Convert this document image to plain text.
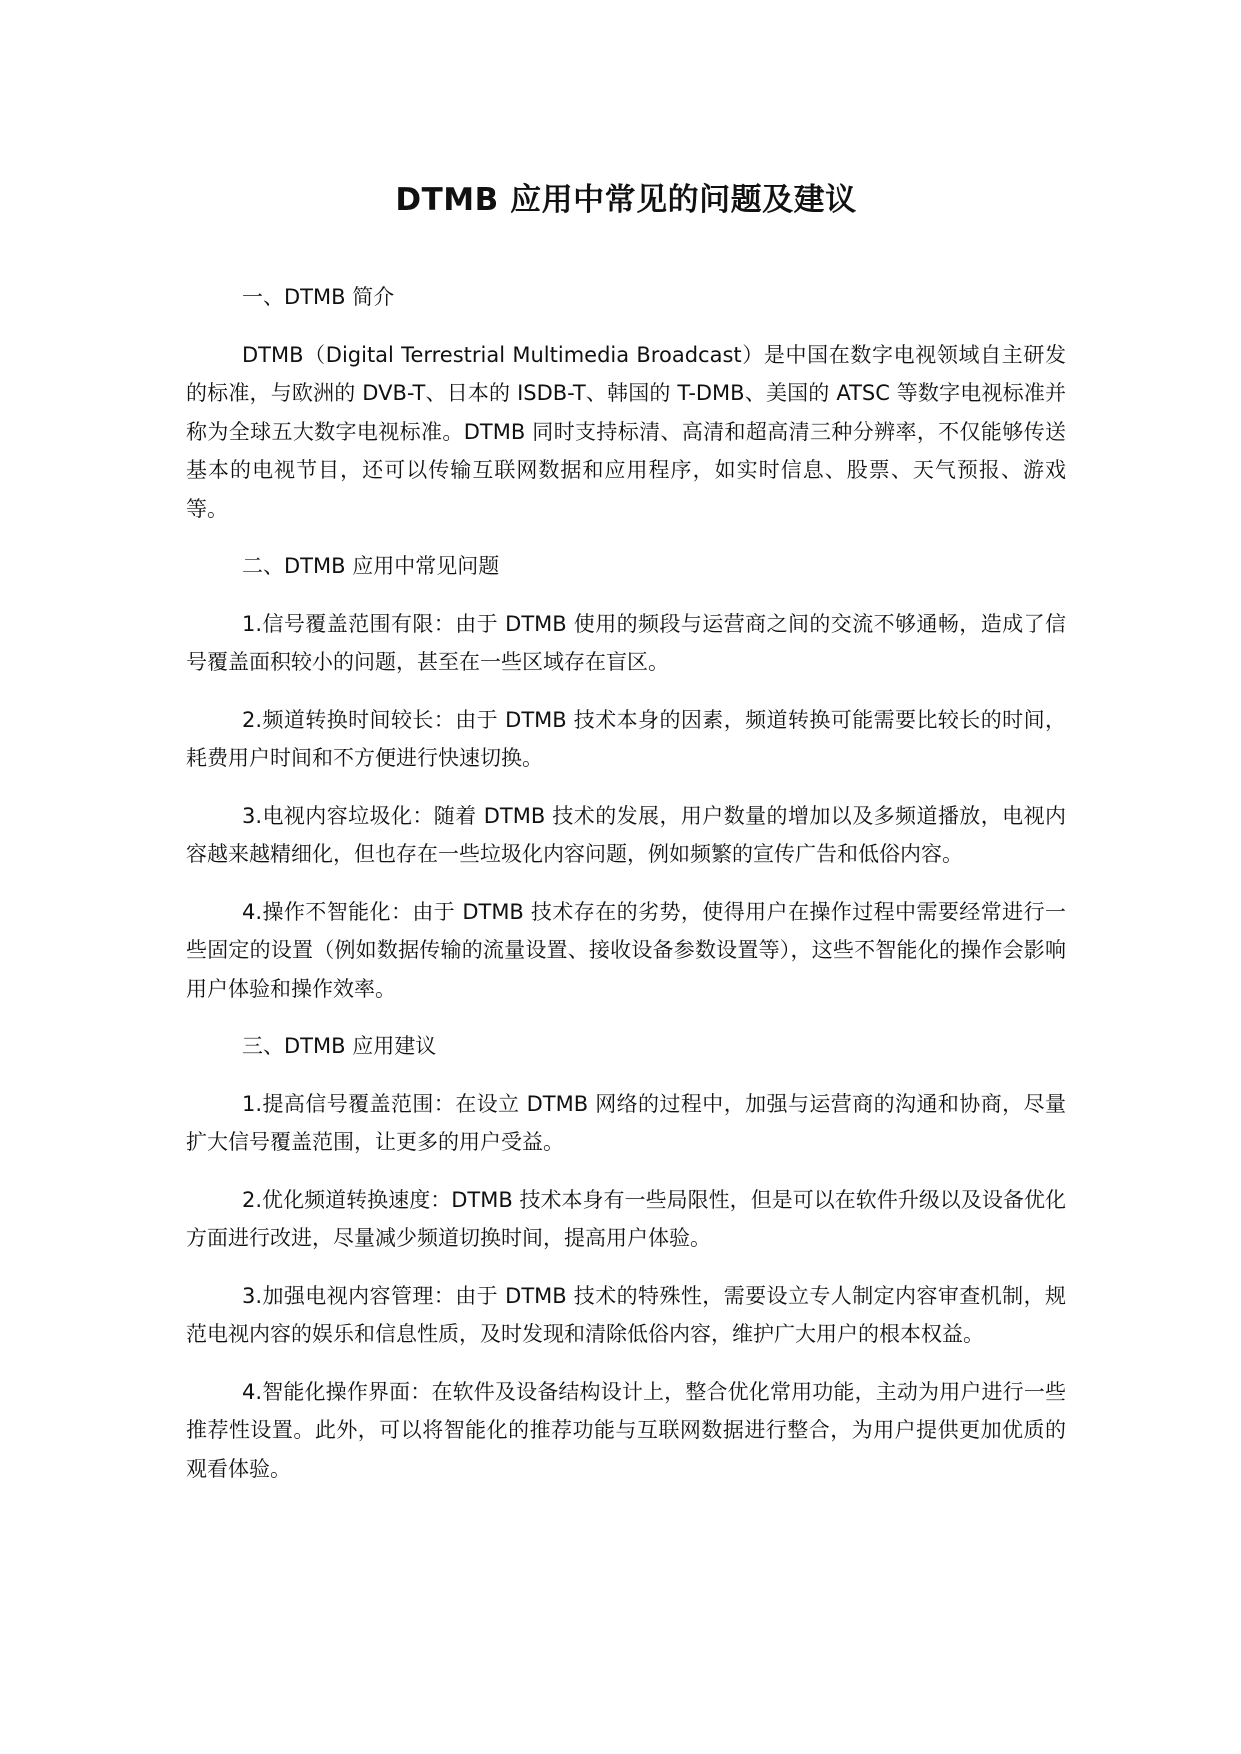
DTMB 应用中常见的问题及建议

一、DTMB 简介

DTMB（Digital Terrestrial Multimedia Broadcast）是中国在数字电视领域自主研发的标准，与欧洲的 DVB-T、日本的 ISDB-T、韩国的 T-DMB、美国的 ATSC 等数字电视标准并称为全球五大数字电视标准。DTMB 同时支持标清、高清和超高清三种分辨率，不仅能够传送基本的电视节目，还可以传输互联网数据和应用程序，如实时信息、股票、天气预报、游戏等。

二、DTMB 应用中常见问题

1.信号覆盖范围有限：由于 DTMB 使用的频段与运营商之间的交流不够通畅，造成了信号覆盖面积较小的问题，甚至在一些区域存在盲区。

2.频道转换时间较长：由于 DTMB 技术本身的因素，频道转换可能需要比较长的时间，耗费用户时间和不方便进行快速切换。

3.电视内容垃圾化：随着 DTMB 技术的发展，用户数量的增加以及多频道播放，电视内容越来越精细化，但也存在一些垃圾化内容问题，例如频繁的宣传广告和低俗内容。

4.操作不智能化：由于 DTMB 技术存在的劣势，使得用户在操作过程中需要经常进行一些固定的设置（例如数据传输的流量设置、接收设备参数设置等），这些不智能化的操作会影响用户体验和操作效率。

三、DTMB 应用建议

1.提高信号覆盖范围：在设立 DTMB 网络的过程中，加强与运营商的沟通和协商，尽量扩大信号覆盖范围，让更多的用户受益。

2.优化频道转换速度：DTMB 技术本身有一些局限性，但是可以在软件升级以及设备优化方面进行改进，尽量减少频道切换时间，提高用户体验。

3.加强电视内容管理：由于 DTMB 技术的特殊性，需要设立专人制定内容审查机制，规范电视内容的娱乐和信息性质，及时发现和清除低俗内容，维护广大用户的根本权益。

4.智能化操作界面：在软件及设备结构设计上，整合优化常用功能，主动为用户进行一些推荐性设置。此外，可以将智能化的推荐功能与互联网数据进行整合，为用户提供更加优质的观看体验。
